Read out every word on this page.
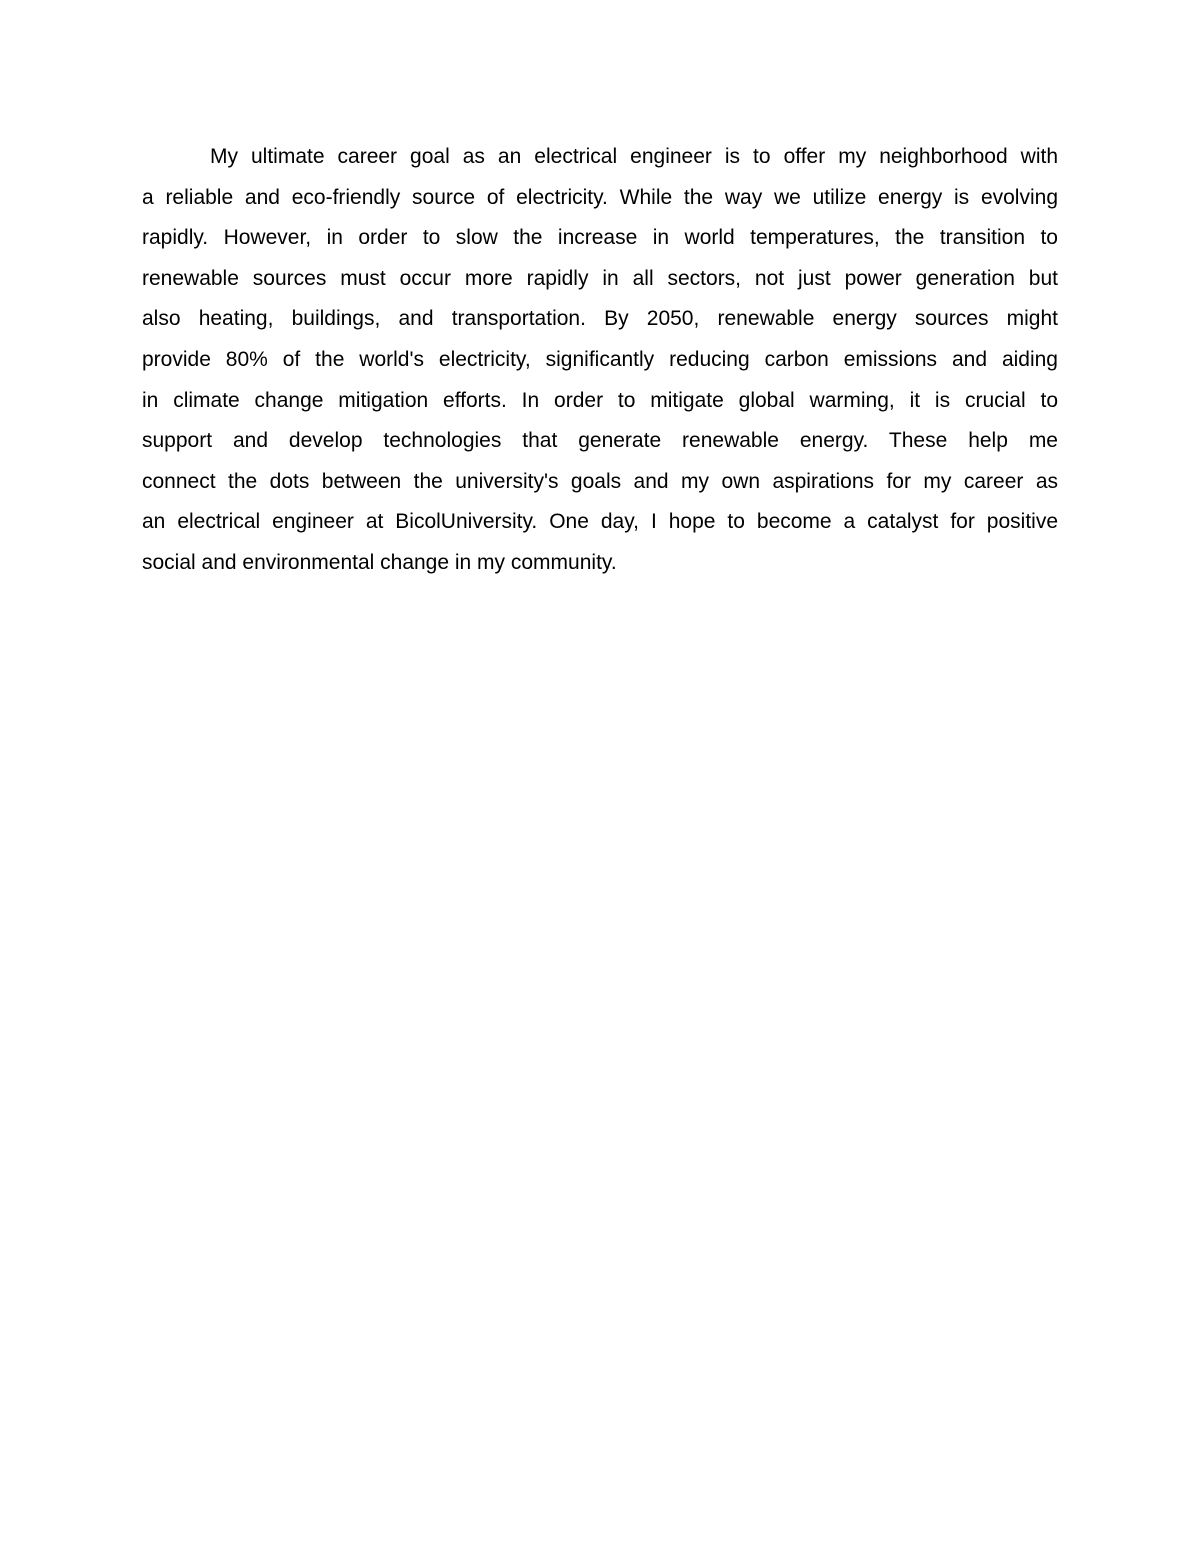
My ultimate career goal as an electrical engineer is to offer my neighborhood with
a reliable and eco-friendly source of electricity. While the way we utilize energy is evolving
rapidly. However, in order to slow the increase in world temperatures, the transition to
renewable sources must occur more rapidly in all sectors, not just power generation but
also heating, buildings, and transportation. By 2050, renewable energy sources might
provide 80% of the world's electricity, significantly reducing carbon emissions and aiding
in climate change mitigation efforts. In order to mitigate global warming, it is crucial to
support and develop technologies that generate renewable energy. These help me
connect the dots between the university's goals and my own aspirations for my career as
an electrical engineer at BicolUniversity. One day, I hope to become a catalyst for positive
social and environmental change in my community.
